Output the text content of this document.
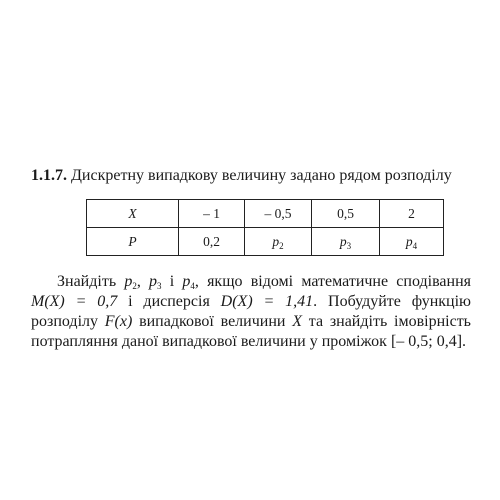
1.1.7. Дискретну випадкову величину задано рядом розподілу
X	– 1	– 0,5	0,5	2
P	0,2	$p_2$	$p_3$	$p_4$
Знайдіть $p_2$, $p_3$ і $p_4$, якщо відомі математичне сподівання M(X) = 0,7 і дисперсія D(X) = 1,41. Побудуйте функцію розподілу F(x) випадкової величини X та знайдіть імовірність потрапляння даної випадкової величини у проміжок [– 0,5; 0,4].
